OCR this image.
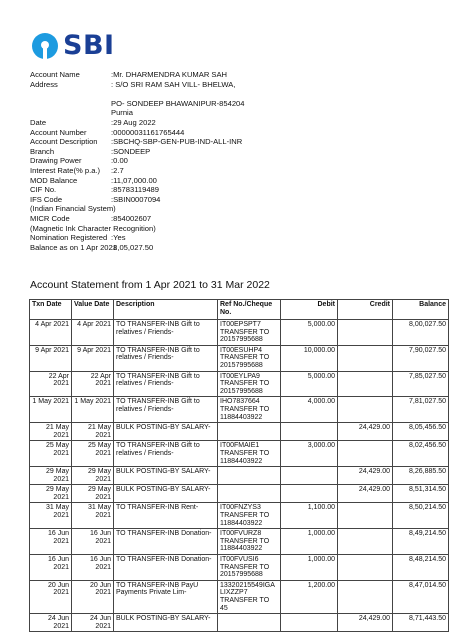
SBI
Account Name	:Mr. DHARMENDRA KUMAR SAH
Address	: S/O SRI RAM SAH VILL- BHELWA,
PO- SONDEEP BHAWANIPUR-854204
Purnia
Date	:29 Aug 2022
Account Number	:00000031161765444
Account Description	:SBCHQ-SBP-GEN-PUB-IND-ALL-INR
Branch	:SONDEEP
Drawing Power	:0.00
Interest Rate(% p.a.)	:2.7
MOD Balance	:11,07,000.00
CIF No.	:85783119489
IFS Code	:SBIN0007094
(Indian Financial System)
MICR Code	:854002607
(Magnetic Ink Character Recognition)
Nomination Registered :Yes
Balance as on 1 Apr 2021
:8,05,027.50
Account Statement from 1 Apr 2021 to 31 Mar 2022
Txn Date	Value Date	Description	Ref No./Cheque No.	Debit	Credit	Balance
4 Apr 2021	4 Apr 2021	TO TRANSFER-INB Gift to relatives / Friends-	IT00EPSPT7 TRANSFER TO 20157995688	5,000.00		8,00,027.50
9 Apr 2021	9 Apr 2021	TO TRANSFER-INB Gift to relatives / Friends-	IT00ESUHP4 TRANSFER TO 20157995688	10,000.00		7,90,027.50
22 Apr 2021	22 Apr 2021	TO TRANSFER-INB Gift to relatives / Friends-	IT00EYLPA9 TRANSFER TO 20157995688	5,000.00		7,85,027.50
1 May 2021	1 May 2021	TO TRANSFER-INB Gift to relatives / Friends-	IHO7837664 TRANSFER TO 11884403922	4,000.00		7,81,027.50
21 May 2021	21 May 2021	BULK POSTING-BY SALARY-			24,429.00	8,05,456.50
25 May 2021	25 May 2021	TO TRANSFER-INB Gift to relatives / Friends-	IT00FMAIE1 TRANSFER TO 11884403922	3,000.00		8,02,456.50
29 May 2021	29 May 2021	BULK POSTING-BY SALARY-			24,429.00	8,26,885.50
29 May 2021	29 May 2021	BULK POSTING-BY SALARY-			24,429.00	8,51,314.50
31 May 2021	31 May 2021	TO TRANSFER-INB Rent-	IT00FNZYS3 TRANSFER TO 11884403922	1,100.00		8,50,214.50
16 Jun 2021	16 Jun 2021	TO TRANSFER-INB Donation-	IT00FVURZ8 TRANSFER TO 11884403922	1,000.00		8,49,214.50
16 Jun 2021	16 Jun 2021	TO TRANSFER-INB Donation-	IT00FVUSI6 TRANSFER TO 20157995688	1,000.00		8,48,214.50
20 Jun 2021	20 Jun 2021	TO TRANSFER-INB PayU Payments Private Lim-	13320215549IGA LIXZZP7 TRANSFER TO 45	1,200.00		8,47,014.50
24 Jun 2021	24 Jun 2021	BULK POSTING-BY SALARY-			24,429.00	8,71,443.50
